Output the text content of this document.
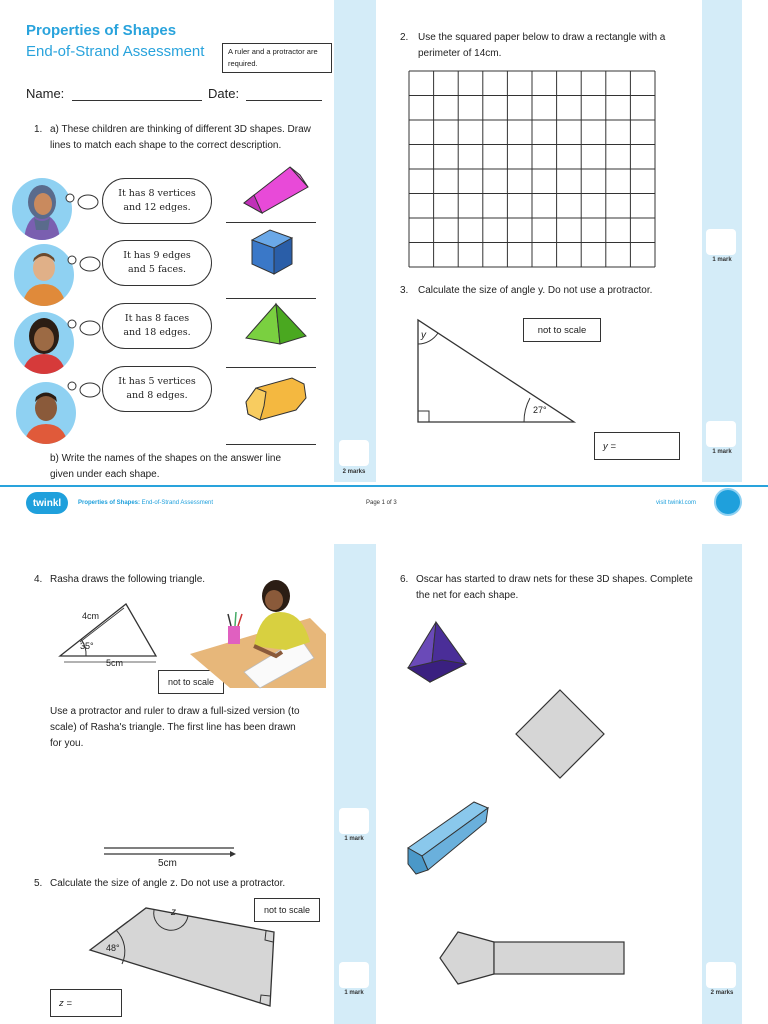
Properties of Shapes
End-of-Strand Assessment	A ruler and a protractor are required.
Name:	Date:
1. a) These children are thinking of different 3D shapes. Draw lines to match each shape to the correct description.
It has 8 vertices and 12 edges.
It has 9 edges and 5 faces.
It has 8 faces and 18 edges.
It has 5 vertices and 8 edges.
b) Write the names of the shapes on the answer line given under each shape.	2 marks
2. Use the squared paper below to draw a rectangle with a perimeter of 14cm.
1 mark
3. Calculate the size of angle y. Do not use a protractor.
y
27°
not to scale
y =
1 mark
twinkl	Properties of Shapes: End-of-Strand Assessment	Page 1 of 3	visit twinkl.com
4. Rasha draws the following triangle.
4cm
35°
5cm
not to scale
Use a protractor and ruler to draw a full-sized version (to scale) of Rasha's triangle. The first line has been drawn for you.
5cm
1 mark
5. Calculate the size of angle z. Do not use a protractor.
not to scale
z
48°
z =
1 mark
6. Oscar has started to draw nets for these 3D shapes. Complete the net for each shape.
2 marks
